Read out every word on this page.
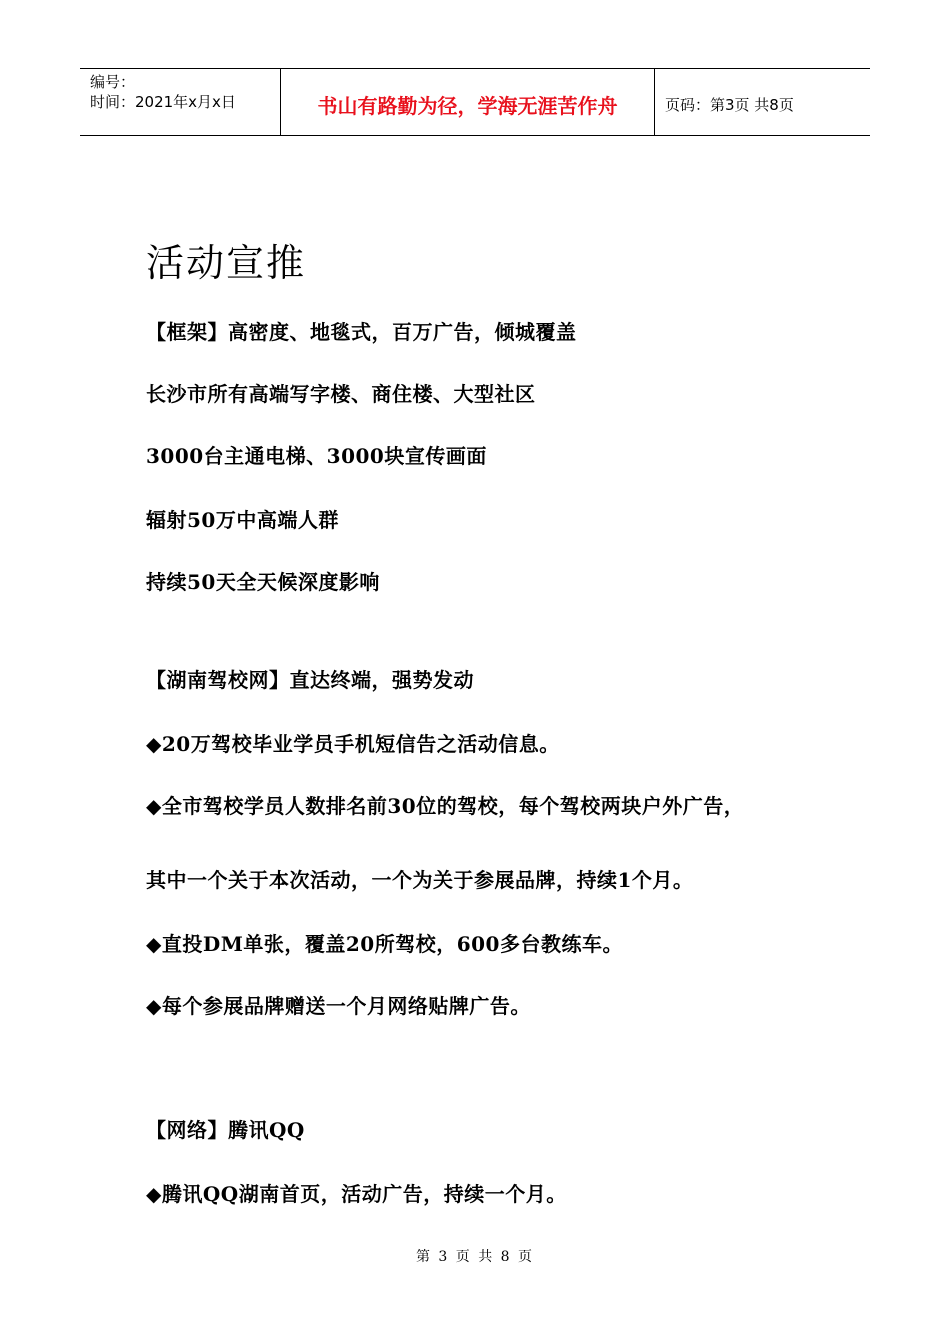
编号：
时间：2021年x月x日	书山有路勤为径，学海无涯苦作舟	页码：第3页 共8页
活动宣推
【框架】高密度、地毯式，百万广告，倾城覆盖
长沙市所有高端写字楼、商住楼、大型社区
3000台主通电梯、3000块宣传画面
辐射50万中高端人群
持续50天全天候深度影响
【湖南驾校网】直达终端，强势发动
◆20万驾校毕业学员手机短信告之活动信息。
◆全市驾校学员人数排名前30位的驾校，每个驾校两块户外广告，
其中一个关于本次活动，一个为关于参展品牌，持续1个月。
◆直投DM单张，覆盖20所驾校，600多台教练车。
◆每个参展品牌赠送一个月网络贴牌广告。
【网络】腾讯QQ
◆腾讯QQ湖南首页，活动广告，持续一个月。
第 3 页 共 8 页
